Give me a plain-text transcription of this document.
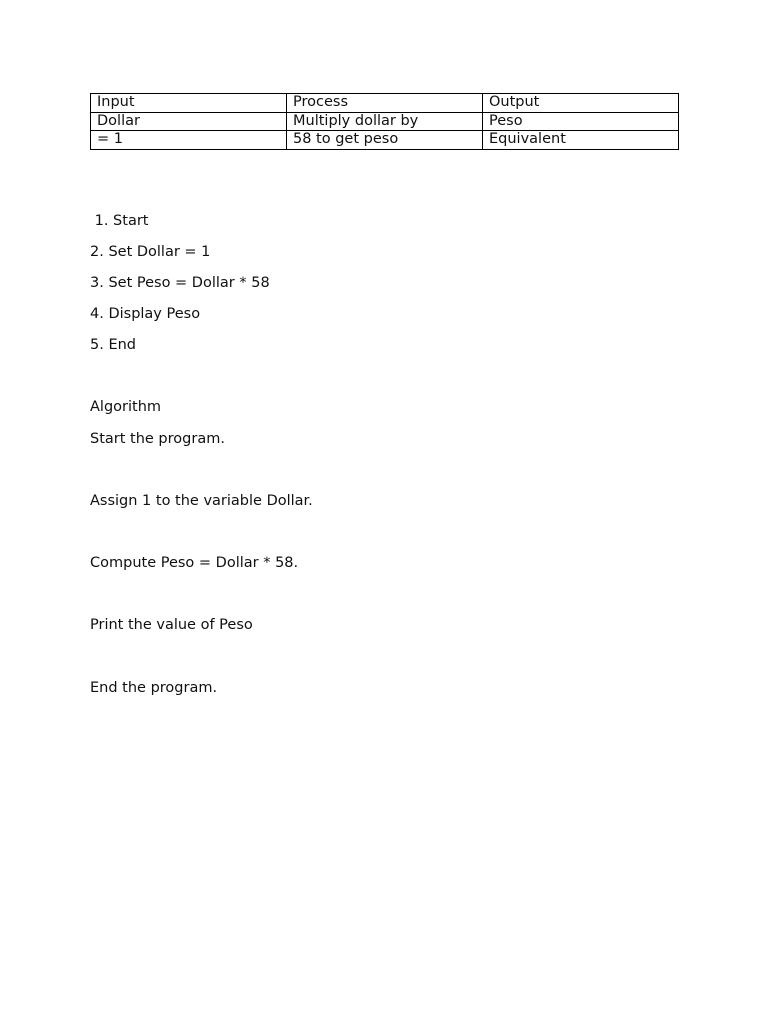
Input	Process	Output
Dollar	Multiply dollar by	Peso
= 1	58 to get peso	Equivalent
1. Start
2. Set Dollar = 1
3. Set Peso = Dollar * 58
4. Display Peso
5. End
Algorithm
Start the program.
Assign 1 to the variable Dollar.
Compute Peso = Dollar * 58.
Print the value of Peso
End the program.
